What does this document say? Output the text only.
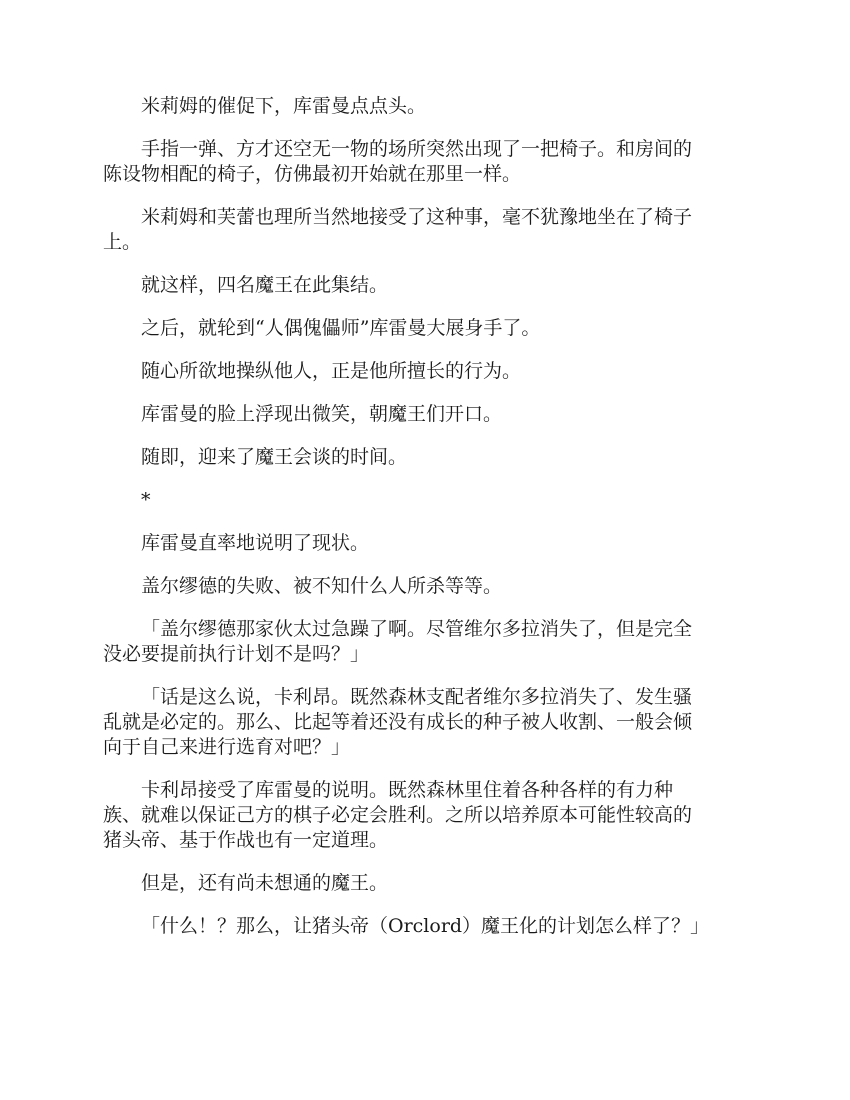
米莉姆的催促下，库雷曼点点头。

手指一弹、方才还空无一物的场所突然出现了一把椅子。和房间的
陈设物相配的椅子，仿佛最初开始就在那里一样。

米莉姆和芙蕾也理所当然地接受了这种事，毫不犹豫地坐在了椅子
上。

就这样，四名魔王在此集结。

之后，就轮到“人偶傀儡师”库雷曼大展身手了。

随心所欲地操纵他人，正是他所擅长的行为。

库雷曼的脸上浮现出微笑，朝魔王们开口。

随即，迎来了魔王会谈的时间。

*

库雷曼直率地说明了现状。

盖尔缪德的失败、被不知什么人所杀等等。

「盖尔缪德那家伙太过急躁了啊。尽管维尔多拉消失了，但是完全
没必要提前执行计划不是吗？」

「话是这么说，卡利昂。既然森林支配者维尔多拉消失了、发生骚
乱就是必定的。那么、比起等着还没有成长的种子被人收割、一般会倾
向于自己来进行选育对吧？」

卡利昂接受了库雷曼的说明。既然森林里住着各种各样的有力种
族、就难以保证己方的棋子必定会胜利。之所以培养原本可能性较高的
猪头帝、基于作战也有一定道理。

但是，还有尚未想通的魔王。

「什么！？那么，让猪头帝（Orclord）魔王化的计划怎么样了？」
